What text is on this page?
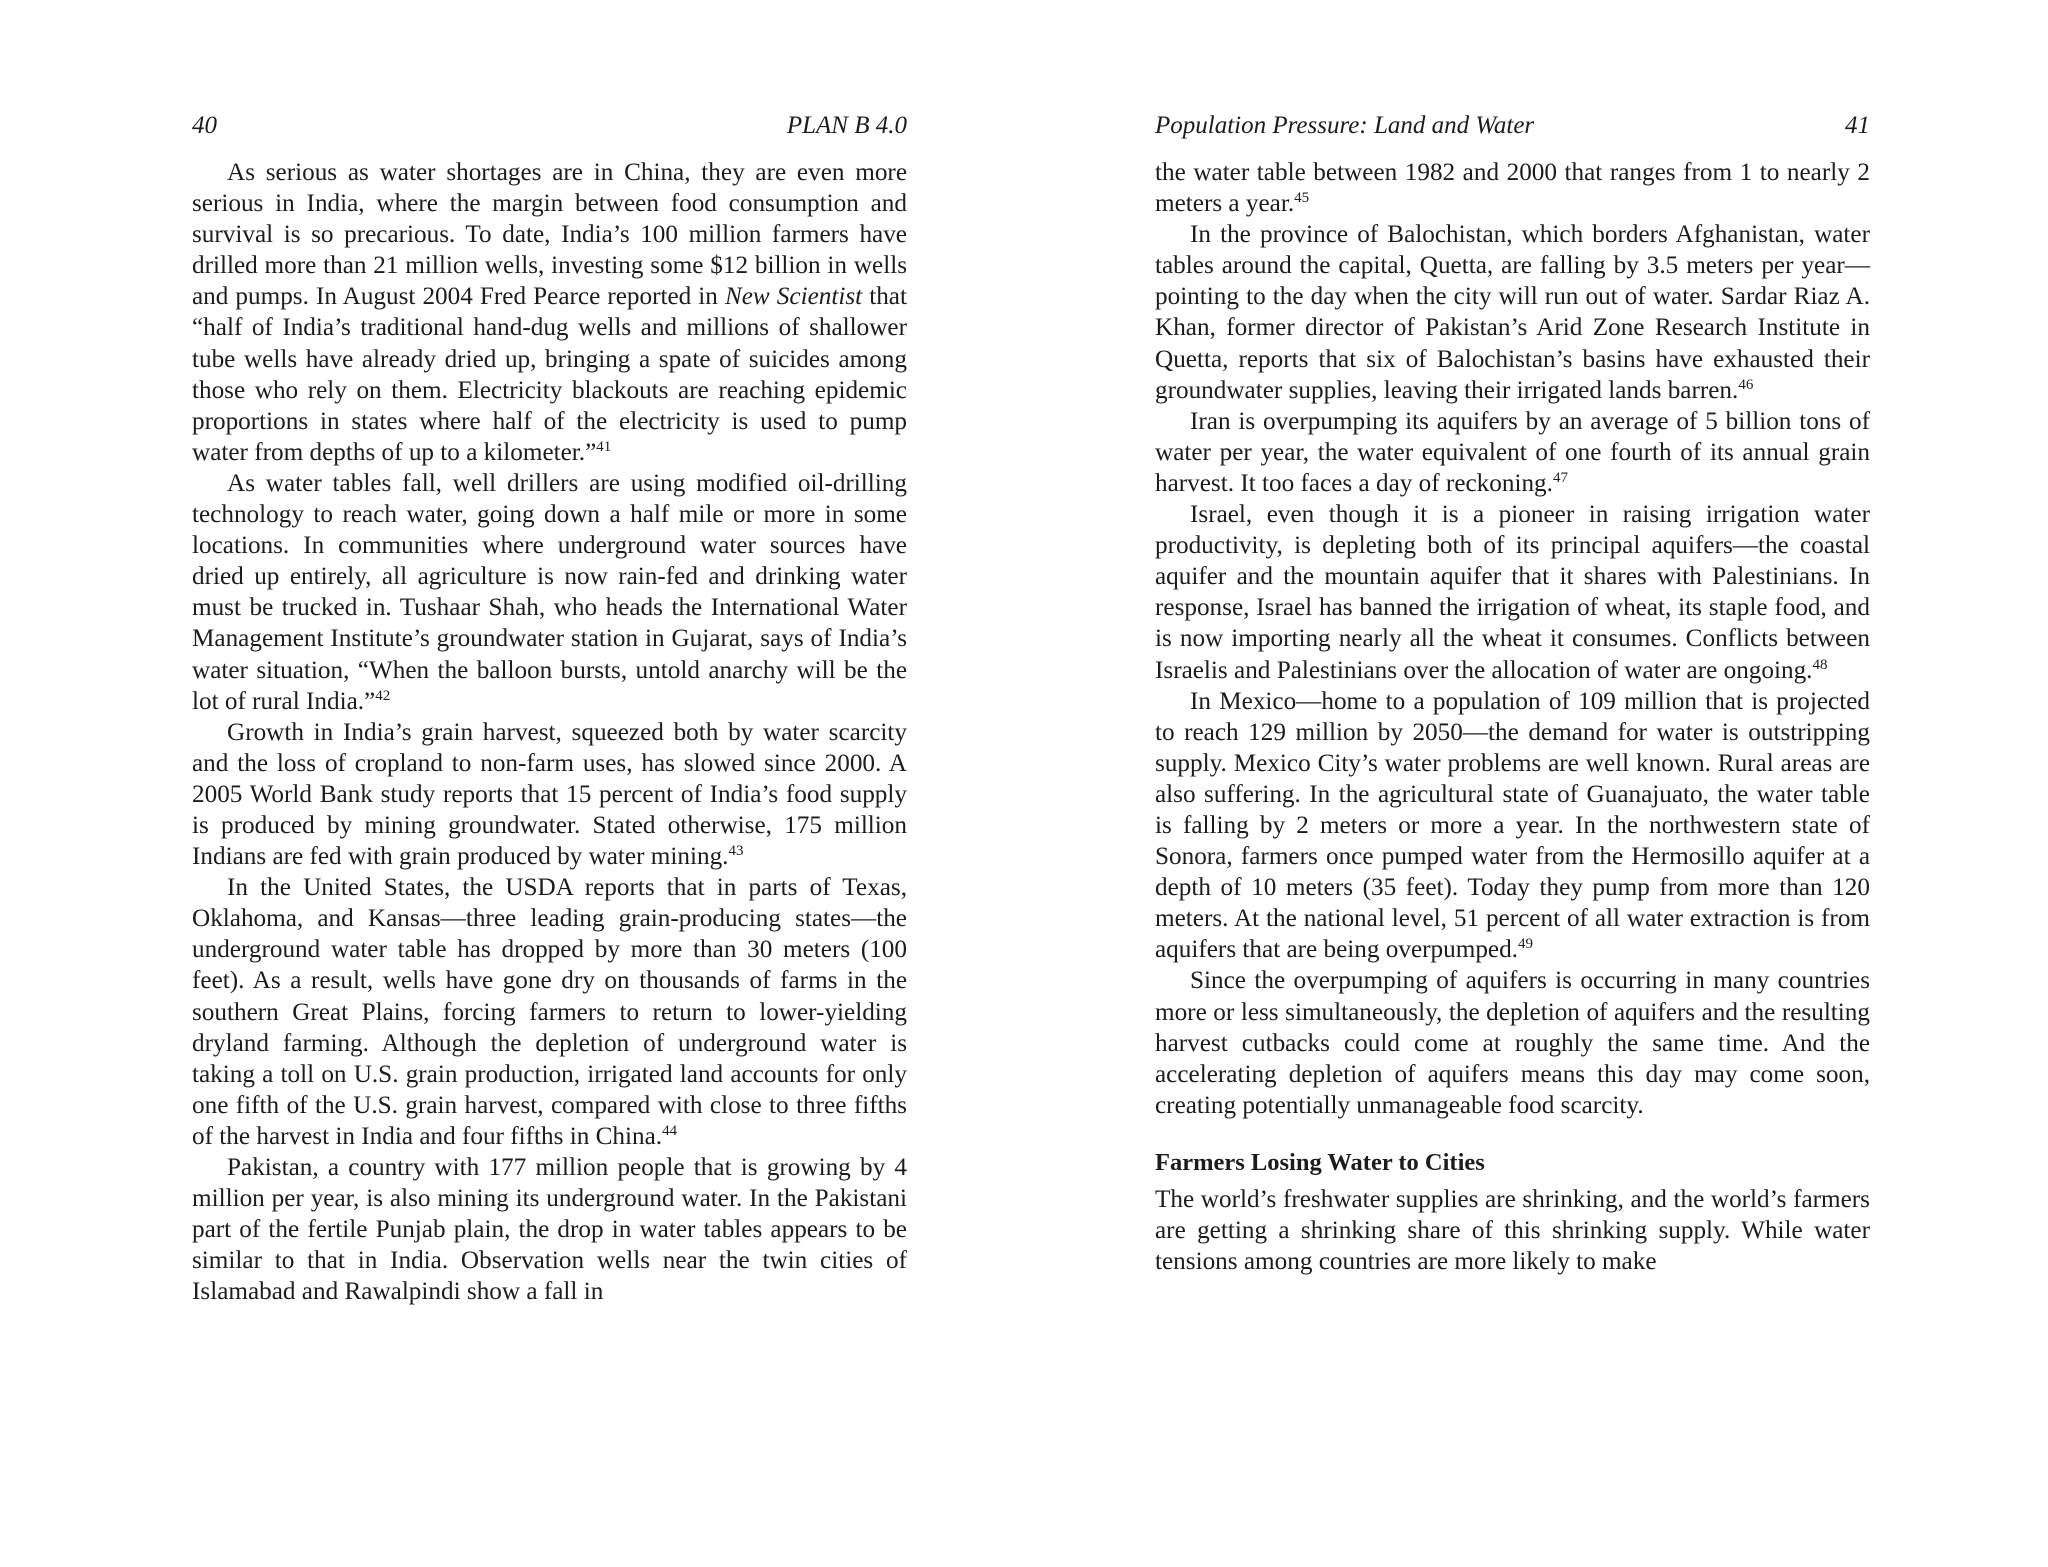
40	PLAN B 4.0

As serious as water shortages are in China, they are even more serious in India, where the margin between food consumption and survival is so precarious. To date, India’s 100 million farmers have drilled more than 21 million wells, investing some $12 billion in wells and pumps. In August 2004 Fred Pearce reported in New Scientist that “half of India’s traditional hand-dug wells and millions of shallower tube wells have already dried up, bringing a spate of suicides among those who rely on them. Electricity blackouts are reaching epidemic proportions in states where half of the electricity is used to pump water from depths of up to a kilometer.”$^{41}$

As water tables fall, well drillers are using modified oil-drilling technology to reach water, going down a half mile or more in some locations. In communities where underground water sources have dried up entirely, all agriculture is now rain-fed and drinking water must be trucked in. Tushaar Shah, who heads the International Water Management Institute’s groundwater station in Gujarat, says of India’s water situation, “When the balloon bursts, untold anarchy will be the lot of rural India.”$^{42}$

Growth in India’s grain harvest, squeezed both by water scarcity and the loss of cropland to non-farm uses, has slowed since 2000. A 2005 World Bank study reports that 15 percent of India’s food supply is produced by mining groundwater. Stated otherwise, 175 million Indians are fed with grain produced by water mining.$^{43}$

In the United States, the USDA reports that in parts of Texas, Oklahoma, and Kansas—three leading grain-producing states—the underground water table has dropped by more than 30 meters (100 feet). As a result, wells have gone dry on thousands of farms in the southern Great Plains, forcing farmers to return to lower-yielding dryland farming. Although the depletion of underground water is taking a toll on U.S. grain production, irrigated land accounts for only one fifth of the U.S. grain harvest, compared with close to three fifths of the harvest in India and four fifths in China.$^{44}$

Pakistan, a country with 177 million people that is growing by 4 million per year, is also mining its underground water. In the Pakistani part of the fertile Punjab plain, the drop in water tables appears to be similar to that in India. Observation wells near the twin cities of Islamabad and Rawalpindi show a fall in

Population Pressure: Land and Water	41

the water table between 1982 and 2000 that ranges from 1 to nearly 2 meters a year.$^{45}$

In the province of Balochistan, which borders Afghanistan, water tables around the capital, Quetta, are falling by 3.5 meters per year—pointing to the day when the city will run out of water. Sardar Riaz A. Khan, former director of Pakistan’s Arid Zone Research Institute in Quetta, reports that six of Balochistan’s basins have exhausted their groundwater supplies, leaving their irrigated lands barren.$^{46}$

Iran is overpumping its aquifers by an average of 5 billion tons of water per year, the water equivalent of one fourth of its annual grain harvest. It too faces a day of reckoning.$^{47}$

Israel, even though it is a pioneer in raising irrigation water productivity, is depleting both of its principal aquifers—the coastal aquifer and the mountain aquifer that it shares with Palestinians. In response, Israel has banned the irrigation of wheat, its staple food, and is now importing nearly all the wheat it consumes. Conflicts between Israelis and Palestinians over the allocation of water are ongoing.$^{48}$

In Mexico—home to a population of 109 million that is projected to reach 129 million by 2050—the demand for water is outstripping supply. Mexico City’s water problems are well known. Rural areas are also suffering. In the agricultural state of Guanajuato, the water table is falling by 2 meters or more a year. In the northwestern state of Sonora, farmers once pumped water from the Hermosillo aquifer at a depth of 10 meters (35 feet). Today they pump from more than 120 meters. At the national level, 51 percent of all water extraction is from aquifers that are being overpumped.$^{49}$

Since the overpumping of aquifers is occurring in many countries more or less simultaneously, the depletion of aquifers and the resulting harvest cutbacks could come at roughly the same time. And the accelerating depletion of aquifers means this day may come soon, creating potentially unmanageable food scarcity.

Farmers Losing Water to Cities

The world’s freshwater supplies are shrinking, and the world’s farmers are getting a shrinking share of this shrinking supply. While water tensions among countries are more likely to make
